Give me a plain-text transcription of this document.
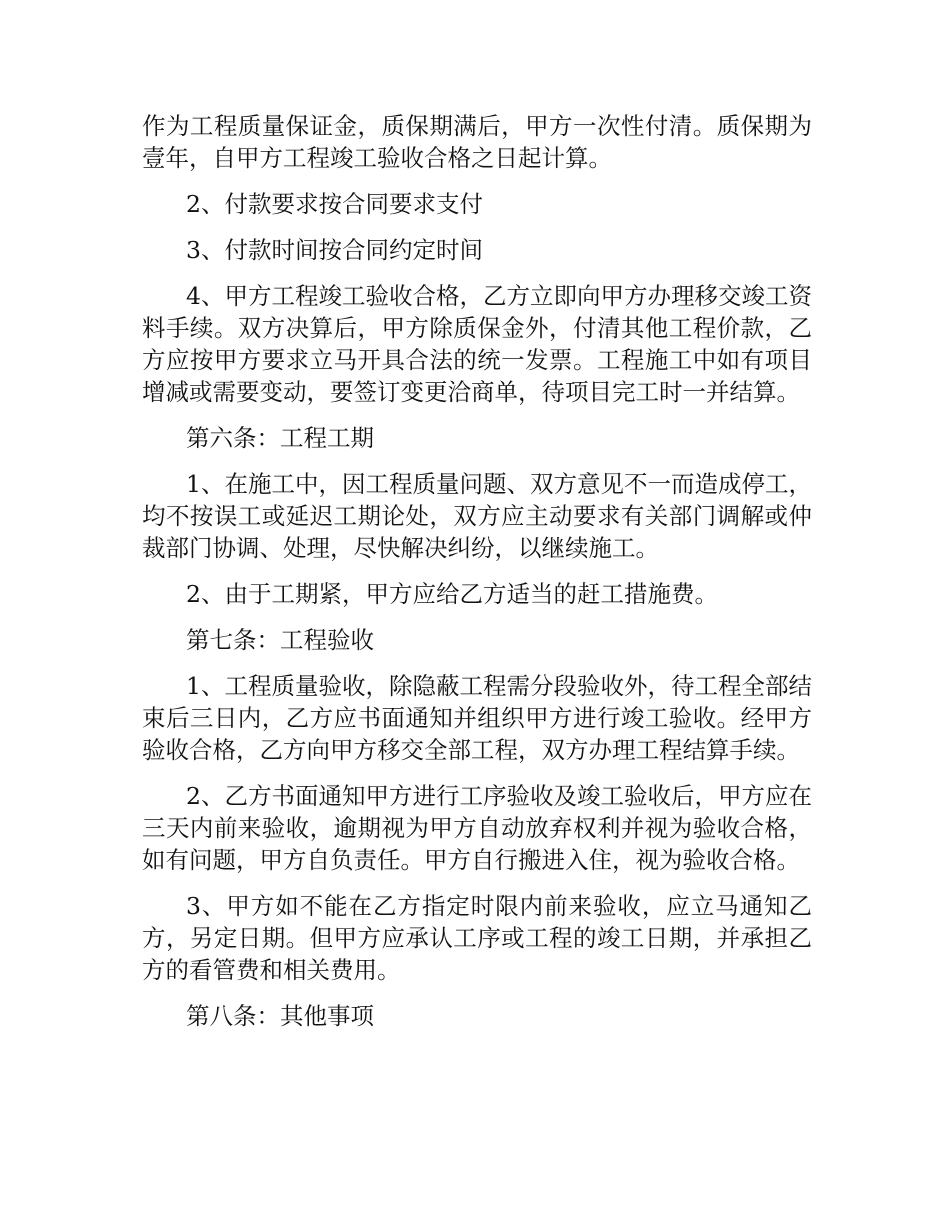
作为工程质量保证金，质保期满后，甲方一次性付清。质保期为壹年，自甲方工程竣工验收合格之日起计算。

2、付款要求按合同要求支付

3、付款时间按合同约定时间

4、甲方工程竣工验收合格，乙方立即向甲方办理移交竣工资料手续。双方决算后，甲方除质保金外，付清其他工程价款，乙方应按甲方要求立马开具合法的统一发票。工程施工中如有项目增减或需要变动，要签订变更洽商单，待项目完工时一并结算。

第六条：工程工期

1、在施工中，因工程质量问题、双方意见不一而造成停工，均不按误工或延迟工期论处，双方应主动要求有关部门调解或仲裁部门协调、处理，尽快解决纠纷，以继续施工。

2、由于工期紧，甲方应给乙方适当的赶工措施费。

第七条：工程验收

1、工程质量验收，除隐蔽工程需分段验收外，待工程全部结束后三日内，乙方应书面通知并组织甲方进行竣工验收。经甲方验收合格，乙方向甲方移交全部工程，双方办理工程结算手续。

2、乙方书面通知甲方进行工序验收及竣工验收后，甲方应在三天内前来验收，逾期视为甲方自动放弃权利并视为验收合格，如有问题，甲方自负责任。甲方自行搬进入住，视为验收合格。

3、甲方如不能在乙方指定时限内前来验收，应立马通知乙方，另定日期。但甲方应承认工序或工程的竣工日期，并承担乙方的看管费和相关费用。

第八条：其他事项
